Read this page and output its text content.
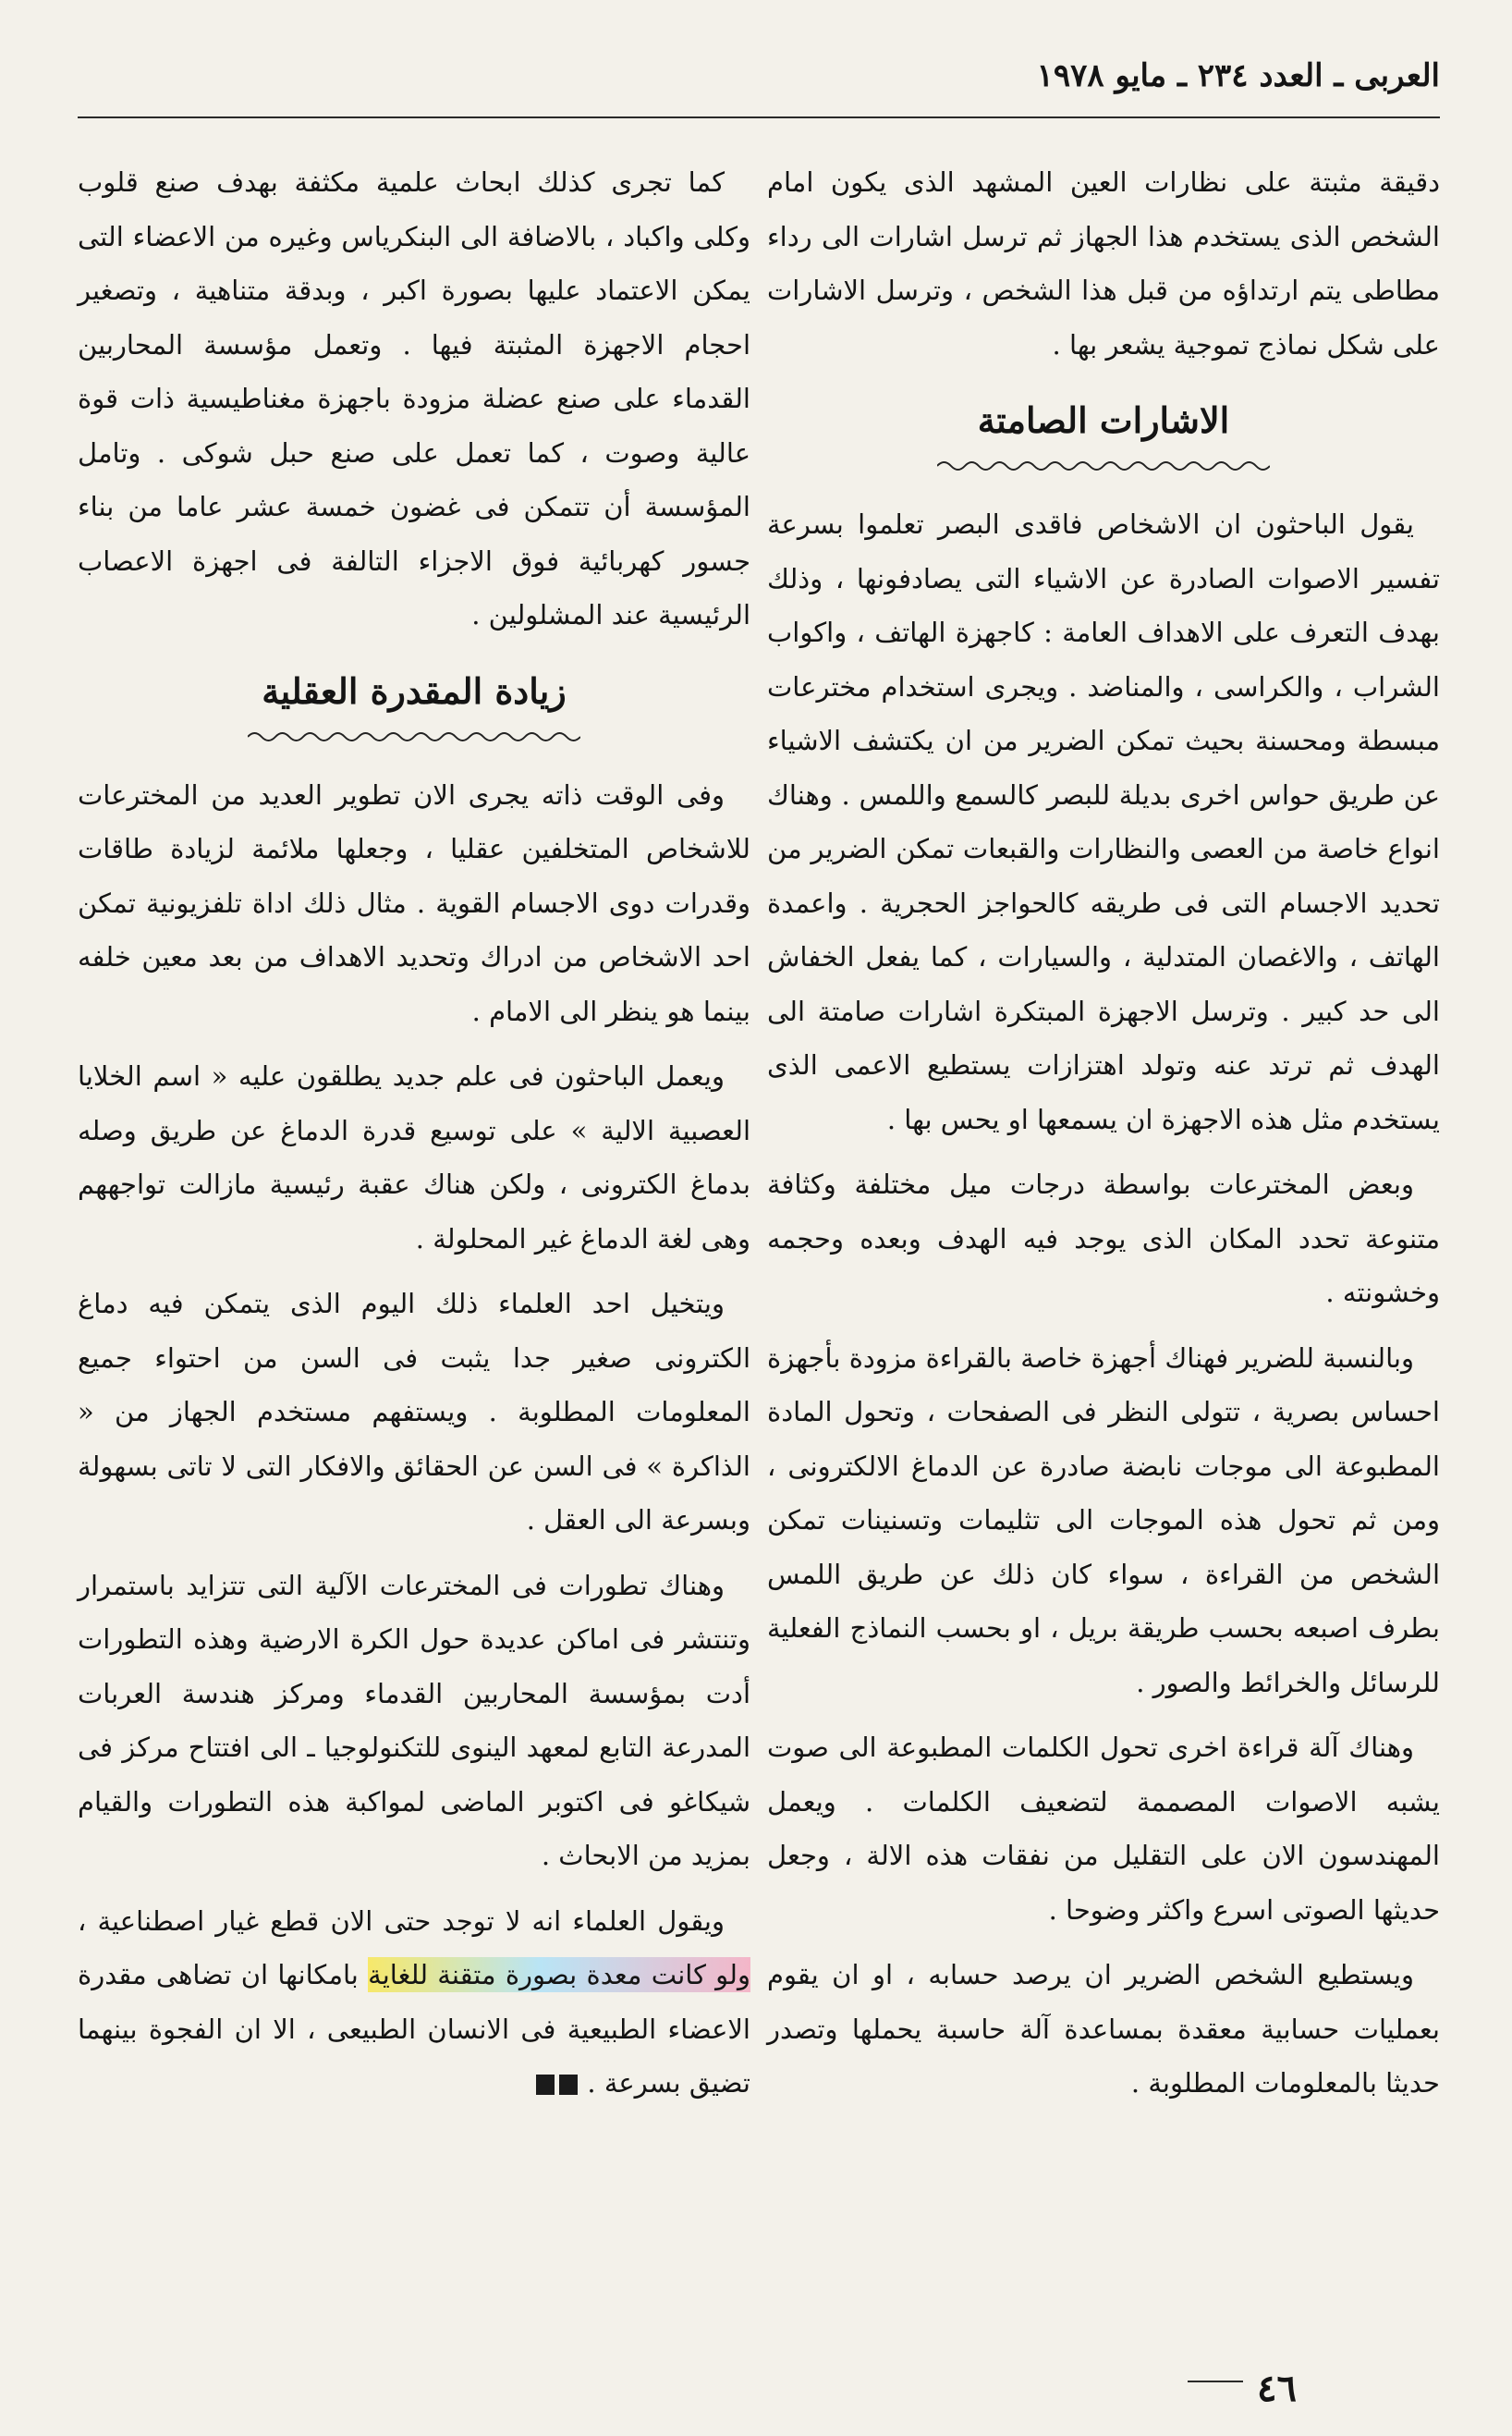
العربى ـ العدد ٢٣٤ ـ مايو ١٩٧٨

دقيقة مثبتة على نظارات العين المشهد الذى يكون امام الشخص الذى يستخدم هذا الجهاز ثم ترسل اشارات الى رداء مطاطى يتم ارتداؤه من قبل هذا الشخص ، وترسل الاشارات على شكل نماذج تموجية يشعر بها .

الاشارات الصامتة

يقول الباحثون ان الاشخاص فاقدى البصر تعلموا بسرعة تفسير الاصوات الصادرة عن الاشياء التى يصادفونها ، وذلك بهدف التعرف على الاهداف العامة : كاجهزة الهاتف ، واكواب الشراب ، والكراسى ، والمناضد . ويجرى استخدام مخترعات مبسطة ومحسنة بحيث تمكن الضرير من ان يكتشف الاشياء عن طريق حواس اخرى بديلة للبصر كالسمع واللمس . وهناك انواع خاصة من العصى والنظارات والقبعات تمكن الضرير من تحديد الاجسام التى فى طريقه كالحواجز الحجرية . واعمدة الهاتف ، والاغصان المتدلية ، والسيارات ، كما يفعل الخفاش الى حد كبير . وترسل الاجهزة المبتكرة اشارات صامتة الى الهدف ثم ترتد عنه وتولد اهتزازات يستطيع الاعمى الذى يستخدم مثل هذه الاجهزة ان يسمعها او يحس بها .

وبعض المخترعات بواسطة درجات ميل مختلفة وكثافة متنوعة تحدد المكان الذى يوجد فيه الهدف وبعده وحجمه وخشونته .

وبالنسبة للضرير فهناك أجهزة خاصة بالقراءة مزودة بأجهزة احساس بصرية ، تتولى النظر فى الصفحات ، وتحول المادة المطبوعة الى موجات نابضة صادرة عن الدماغ الالكترونى ، ومن ثم تحول هذه الموجات الى تثليمات وتسنينات تمكن الشخص من القراءة ، سواء كان ذلك عن طريق اللمس بطرف اصبعه بحسب طريقة بريل ، او بحسب النماذج الفعلية للرسائل والخرائط والصور .

وهناك آلة قراءة اخرى تحول الكلمات المطبوعة الى صوت يشبه الاصوات المصممة لتضعيف الكلمات . ويعمل المهندسون الان على التقليل من نفقات هذه الالة ، وجعل حديثها الصوتى اسرع واكثر وضوحا .

ويستطيع الشخص الضرير ان يرصد حسابه ، او ان يقوم بعمليات حسابية معقدة بمساعدة آلة حاسبة يحملها وتصدر حديثا بالمعلومات المطلوبة .

كما تجرى كذلك ابحاث علمية مكثفة بهدف صنع قلوب وكلى واكباد ، بالاضافة الى البنكرياس وغيره من الاعضاء التى يمكن الاعتماد عليها بصورة اكبر ، وبدقة متناهية ، وتصغير احجام الاجهزة المثبتة فيها . وتعمل مؤسسة المحاربين القدماء على صنع عضلة مزودة باجهزة مغناطيسية ذات قوة عالية وصوت ، كما تعمل على صنع حبل شوكى . وتامل المؤسسة أن تتمكن فى غضون خمسة عشر عاما من بناء جسور كهربائية فوق الاجزاء التالفة فى اجهزة الاعصاب الرئيسية عند المشلولين .

زيادة المقدرة العقلية

وفى الوقت ذاته يجرى الان تطوير العديد من المخترعات للاشخاص المتخلفين عقليا ، وجعلها ملائمة لزيادة طاقات وقدرات دوى الاجسام القوية . مثال ذلك اداة تلفزيونية تمكن احد الاشخاص من ادراك وتحديد الاهداف من بعد معين خلفه بينما هو ينظر الى الامام .

ويعمل الباحثون فى علم جديد يطلقون عليه « اسم الخلايا العصبية الالية » على توسيع قدرة الدماغ عن طريق وصله بدماغ الكترونى ، ولكن هناك عقبة رئيسية مازالت تواجههم وهى لغة الدماغ غير المحلولة .

ويتخيل احد العلماء ذلك اليوم الذى يتمكن فيه دماغ الكترونى صغير جدا يثبت فى السن من احتواء جميع المعلومات المطلوبة . ويستفهم مستخدم الجهاز من « الذاكرة » فى السن عن الحقائق والافكار التى لا تاتى بسهولة وبسرعة الى العقل .

وهناك تطورات فى المخترعات الآلية التى تتزايد باستمرار وتنتشر فى اماكن عديدة حول الكرة الارضية وهذه التطورات أدت بمؤسسة المحاربين القدماء ومركز هندسة العربات المدرعة التابع لمعهد الينوى للتكنولوجيا ـ الى افتتاح مركز فى شيكاغو فى اكتوبر الماضى لمواكبة هذه التطورات والقيام بمزيد من الابحاث .

ويقول العلماء انه لا توجد حتى الان قطع غيار اصطناعية ، ولو كانت معدة بصورة متقنة للغاية بامكانها ان تضاهى مقدرة الاعضاء الطبيعية فى الانسان الطبيعى ، الا ان الفجوة بينهما تضيق بسرعة .

٤٦
